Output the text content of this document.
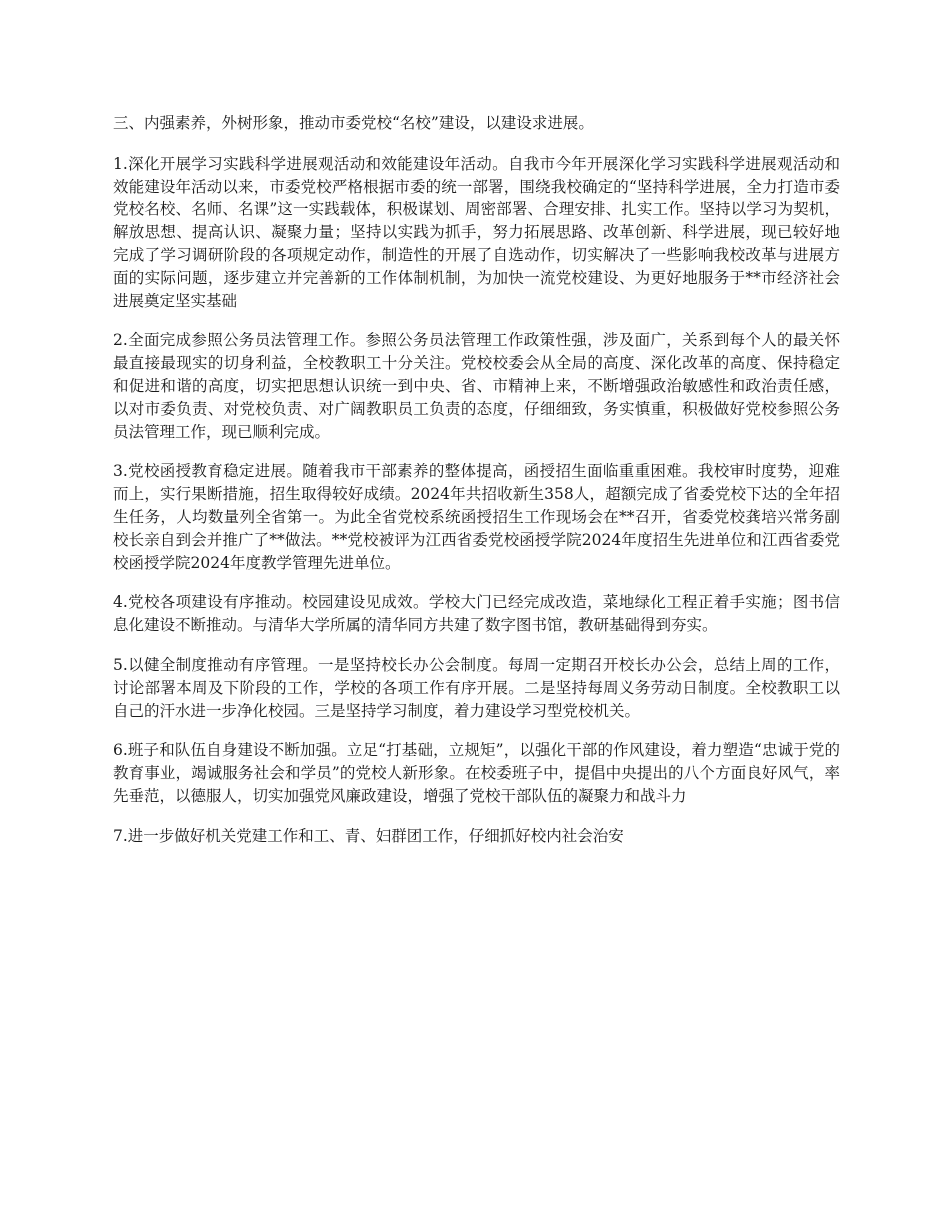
三、内强素养，外树形象，推动市委党校“名校”建设，以建设求进展。

1.深化开展学习实践科学进展观活动和效能建设年活动。自我市今年开展深化学习实践科学进展观活动和效能建设年活动以来，市委党校严格根据市委的统一部署，围绕我校确定的“坚持科学进展，全力打造市委党校名校、名师、名课”这一实践载体，积极谋划、周密部署、合理安排、扎实工作。坚持以学习为契机，解放思想、提高认识、凝聚力量；坚持以实践为抓手，努力拓展思路、改革创新、科学进展，现已较好地完成了学习调研阶段的各项规定动作，制造性的开展了自选动作，切实解决了一些影响我校改革与进展方面的实际问题，逐步建立并完善新的工作体制机制，为加快一流党校建设、为更好地服务于**市经济社会进展奠定坚实基础

2.全面完成参照公务员法管理工作。参照公务员法管理工作政策性强，涉及面广，关系到每个人的最关怀最直接最现实的切身利益，全校教职工十分关注。党校校委会从全局的高度、深化改革的高度、保持稳定和促进和谐的高度，切实把思想认识统一到中央、省、市精神上来，不断增强政治敏感性和政治责任感，以对市委负责、对党校负责、对广阔教职员工负责的态度，仔细细致，务实慎重，积极做好党校参照公务员法管理工作，现已顺利完成。

3.党校函授教育稳定进展。随着我市干部素养的整体提高，函授招生面临重重困难。我校审时度势，迎难而上，实行果断措施，招生取得较好成绩。2024年共招收新生358人，超额完成了省委党校下达的全年招生任务，人均数量列全省第一。为此全省党校系统函授招生工作现场会在**召开，省委党校龚培兴常务副校长亲自到会并推广了**做法。**党校被评为江西省委党校函授学院2024年度招生先进单位和江西省委党校函授学院2024年度教学管理先进单位。

4.党校各项建设有序推动。校园建设见成效。学校大门已经完成改造，菜地绿化工程正着手实施；图书信息化建设不断推动。与清华大学所属的清华同方共建了数字图书馆，教研基础得到夯实。

5.以健全制度推动有序管理。一是坚持校长办公会制度。每周一定期召开校长办公会，总结上周的工作，讨论部署本周及下阶段的工作，学校的各项工作有序开展。二是坚持每周义务劳动日制度。全校教职工以自己的汗水进一步净化校园。三是坚持学习制度，着力建设学习型党校机关。

6.班子和队伍自身建设不断加强。立足“打基础，立规矩”，以强化干部的作风建设，着力塑造“忠诚于党的教育事业，竭诚服务社会和学员”的党校人新形象。在校委班子中，提倡中央提出的八个方面良好风气，率先垂范，以德服人，切实加强党风廉政建设，增强了党校干部队伍的凝聚力和战斗力

7.进一步做好机关党建工作和工、青、妇群团工作，仔细抓好校内社会治安
